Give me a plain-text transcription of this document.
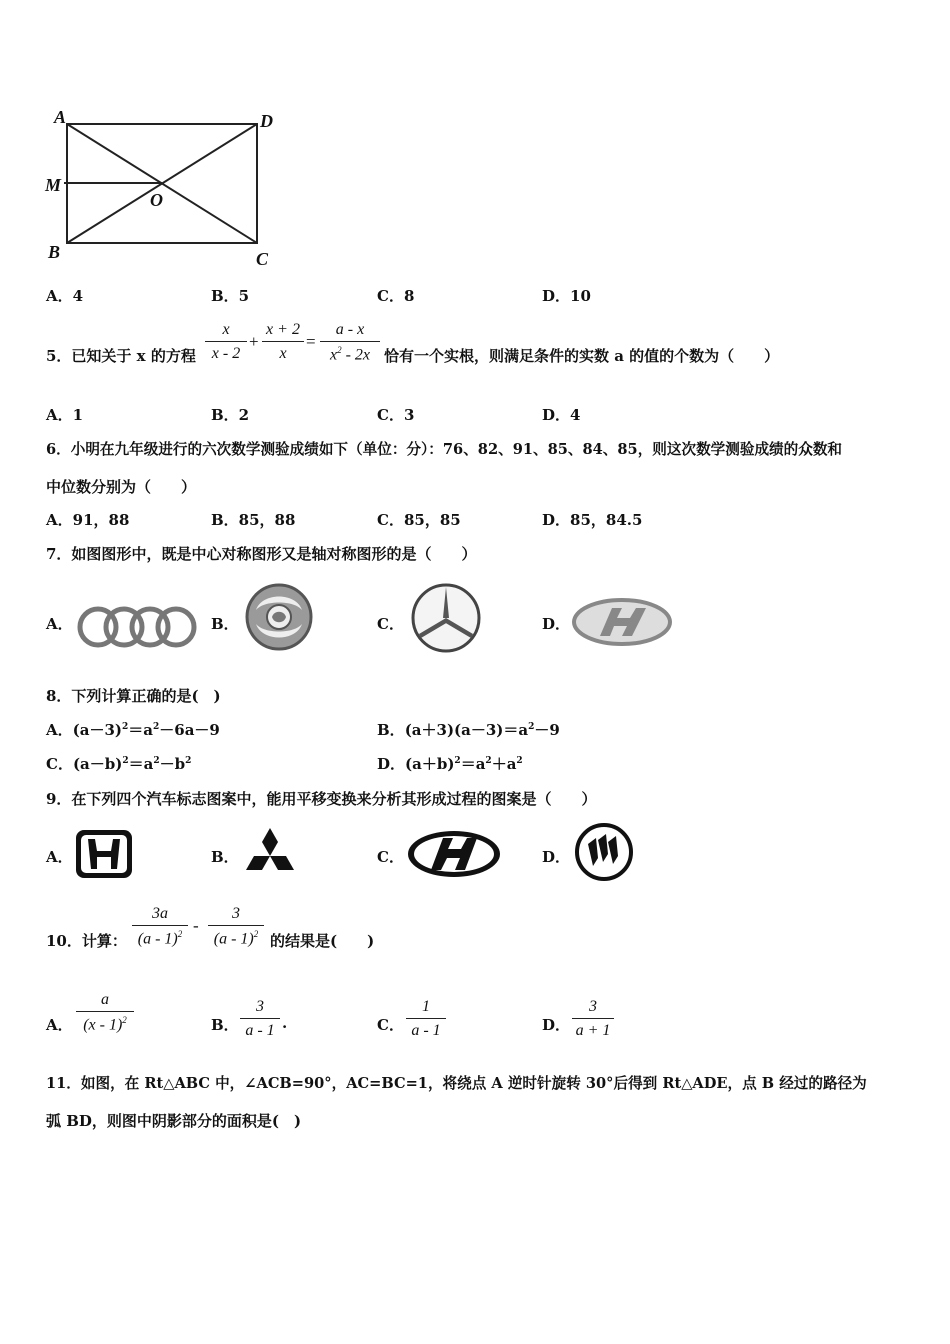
A	D
M
O
B	C
A．4	B．5	C．8	D．10
5．已知关于 x 的方程
x
x - 2
+
x + 2
x
=
a - x
$x^2 - 2x$ 恰有一个实根，则满足条件的实数 a 的值的个数为（　　）
A．1	B．2	C．3	D．4
6．小明在九年级进行的六次数学测验成绩如下（单位：分）：76、82、91、85、84、85，则这次数学测验成绩的众数和
中位数分别为（　　）
A．91，88	B．85，88	C．85，85	D．85，84.5
7．如图图形中，既是中心对称图形又是轴对称图形的是（　　）
A．	B．	C．	D．
8．下列计算正确的是(　)
A．$(a-3)^2=a^2-6a-9$	B．$(a+3)(a-3)=a^2-9$
C．$(a-b)^2=a^2-b^2$	D．$(a+b)^2=a^2+a^2$
9．在下列四个汽车标志图案中，能用平移变换来分析其形成过程的图案是（　　）
A．	B．	C．	D．
10．计算：
3a
(a - 1)$^2$ -
3
(a - 1)$^2$ 的结果是(　　)
A．
a
(x - 1)$^2$	B．
3
a - 1 .	C．
1
a - 1	D．
3
a + 1
11．如图，在 Rt△ABC 中，∠ACB=90°，AC=BC=1，将绕点 A 逆时针旋转 30°后得到 Rt△ADE，点 B 经过的路径为
弧 BD，则图中阴影部分的面积是(　)
